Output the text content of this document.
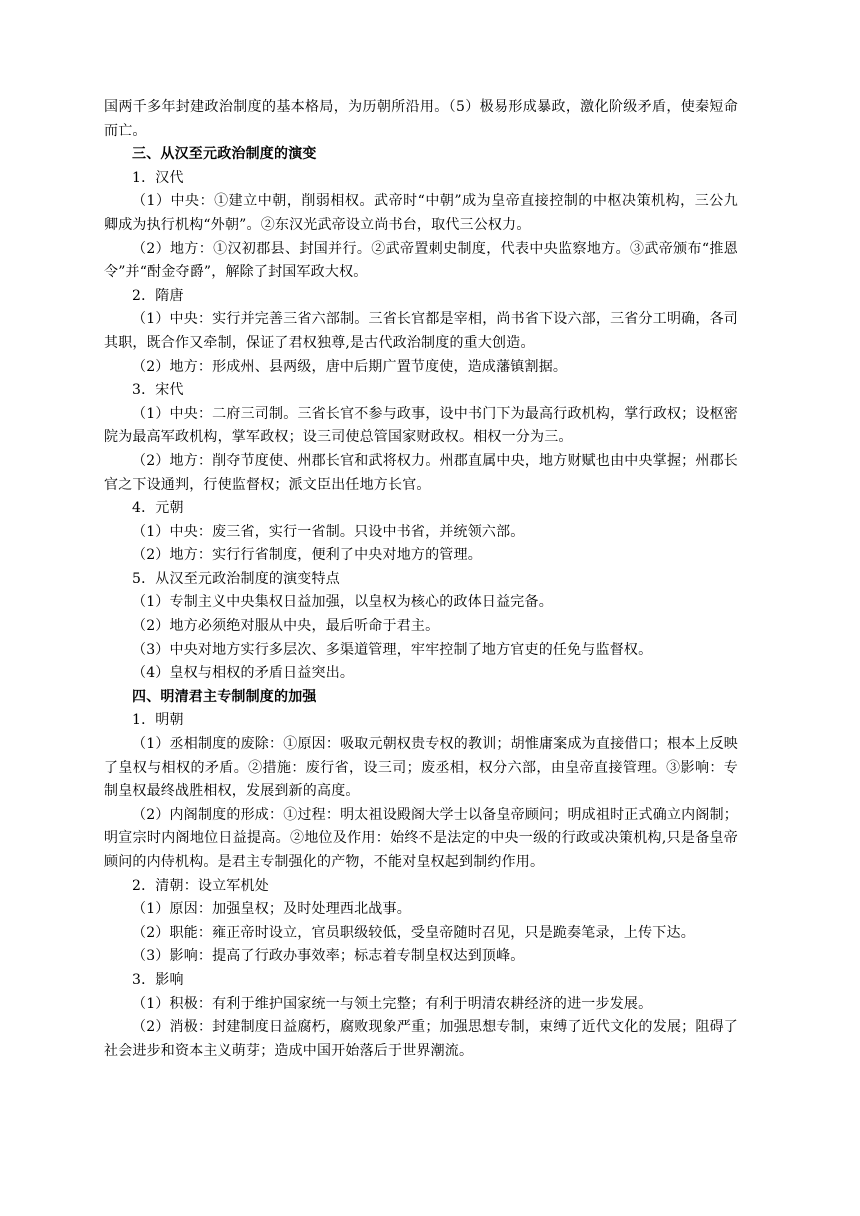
国两千多年封建政治制度的基本格局，为历朝所沿用。（5）极易形成暴政，激化阶级矛盾，使秦短命而亡。

三、从汉至元政治制度的演变

1．汉代

（1）中央：①建立中朝，削弱相权。武帝时“中朝”成为皇帝直接控制的中枢决策机构，三公九卿成为执行机构“外朝”。②东汉光武帝设立尚书台，取代三公权力。

（2）地方：①汉初郡县、封国并行。②武帝置刺史制度，代表中央监察地方。③武帝颁布“推恩令”并“酎金夺爵”，解除了封国军政大权。

2．隋唐

（1）中央：实行并完善三省六部制。三省长官都是宰相，尚书省下设六部，三省分工明确，各司其职，既合作又牵制，保证了君权独尊,是古代政治制度的重大创造。

（2）地方：形成州、县两级，唐中后期广置节度使，造成藩镇割据。

3．宋代

（1）中央：二府三司制。三省长官不参与政事，设中书门下为最高行政机构，掌行政权；设枢密院为最高军政机构，掌军政权；设三司使总管国家财政权。相权一分为三。

（2）地方：削夺节度使、州郡长官和武将权力。州郡直属中央，地方财赋也由中央掌握；州郡长官之下设通判，行使监督权；派文臣出任地方长官。

4．元朝

（1）中央：废三省，实行一省制。只设中书省，并统领六部。

（2）地方：实行行省制度，便利了中央对地方的管理。

5．从汉至元政治制度的演变特点

（1）专制主义中央集权日益加强，以皇权为核心的政体日益完备。

（2）地方必须绝对服从中央，最后听命于君主。

（3）中央对地方实行多层次、多渠道管理，牢牢控制了地方官吏的任免与监督权。

（4）皇权与相权的矛盾日益突出。

四、明清君主专制制度的加强

1．明朝

（1）丞相制度的废除：①原因：吸取元朝权贵专权的教训；胡惟庸案成为直接借口；根本上反映了皇权与相权的矛盾。②措施：废行省，设三司；废丞相，权分六部，由皇帝直接管理。③影响：专制皇权最终战胜相权，发展到新的高度。

（2）内阁制度的形成：①过程：明太祖设殿阁大学士以备皇帝顾问；明成祖时正式确立内阁制；明宣宗时内阁地位日益提高。②地位及作用：始终不是法定的中央一级的行政或决策机构,只是备皇帝顾问的内侍机构。是君主专制强化的产物，不能对皇权起到制约作用。

2．清朝：设立军机处

（1）原因：加强皇权；及时处理西北战事。

（2）职能：雍正帝时设立，官员职级较低，受皇帝随时召见，只是跪奏笔录，上传下达。

（3）影响：提高了行政办事效率；标志着专制皇权达到顶峰。

3．影响

（1）积极：有利于维护国家统一与领土完整；有利于明清农耕经济的进一步发展。

（2）消极：封建制度日益腐朽，腐败现象严重；加强思想专制，束缚了近代文化的发展；阻碍了社会进步和资本主义萌芽；造成中国开始落后于世界潮流。
